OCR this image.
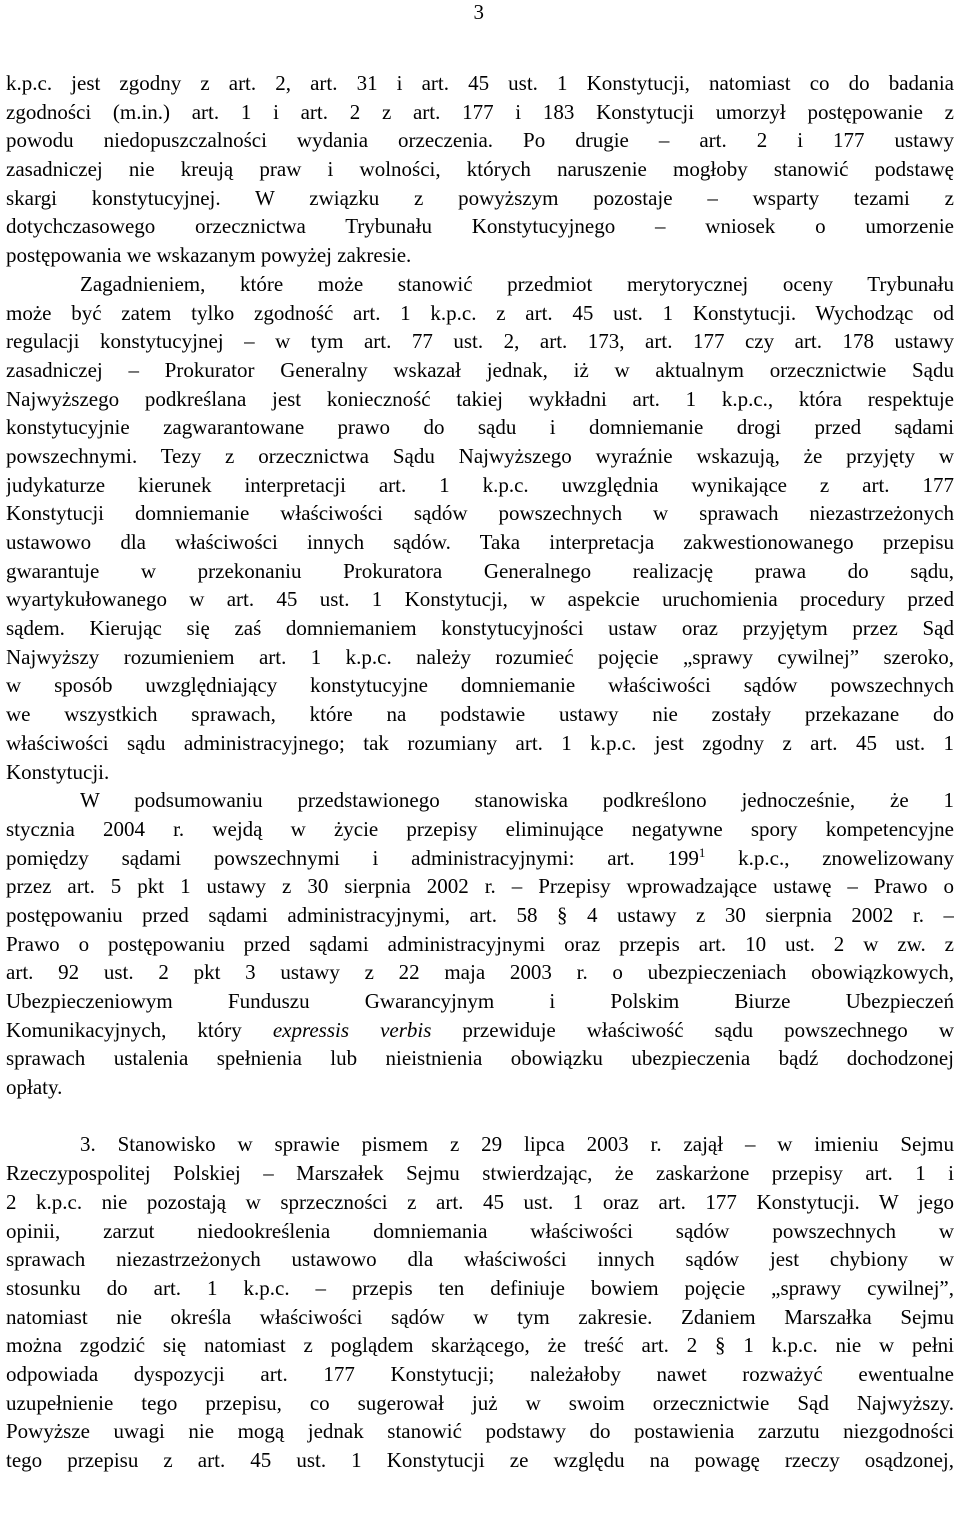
3
k.p.c. jest zgodny z art. 2, art. 31 i art. 45 ust. 1 Konstytucji, natomiast co do badania
zgodności (m.in.) art. 1 i art. 2 z art. 177 i 183 Konstytucji umorzył postępowanie z
powodu niedopuszczalności wydania orzeczenia. Po drugie – art. 2 i 177 ustawy
zasadniczej nie kreują praw i wolności, których naruszenie mogłoby stanowić podstawę
skargi konstytucyjnej. W związku z powyższym pozostaje – wsparty tezami z
dotychczasowego orzecznictwa Trybunału Konstytucyjnego – wniosek o umorzenie
postępowania we wskazanym powyżej zakresie.
Zagadnieniem, które może stanowić przedmiot merytorycznej oceny Trybunału
może być zatem tylko zgodność art. 1 k.p.c. z art. 45 ust. 1 Konstytucji. Wychodząc od
regulacji konstytucyjnej – w tym art. 77 ust. 2, art. 173, art. 177 czy art. 178 ustawy
zasadniczej – Prokurator Generalny wskazał jednak, iż w aktualnym orzecznictwie Sądu
Najwyższego podkreślana jest konieczność takiej wykładni art. 1 k.p.c., która respektuje
konstytucyjnie zagwarantowane prawo do sądu i domniemanie drogi przed sądami
powszechnymi. Tezy z orzecznictwa Sądu Najwyższego wyraźnie wskazują, że przyjęty w
judykaturze kierunek interpretacji art. 1 k.p.c. uwzględnia wynikające z art. 177
Konstytucji domniemanie właściwości sądów powszechnych w sprawach niezastrzeżonych
ustawowo dla właściwości innych sądów. Taka interpretacja zakwestionowanego przepisu
gwarantuje w przekonaniu Prokuratora Generalnego realizację prawa do sądu,
wyartykułowanego w art. 45 ust. 1 Konstytucji, w aspekcie uruchomienia procedury przed
sądem. Kierując się zaś domniemaniem konstytucyjności ustaw oraz przyjętym przez Sąd
Najwyższy rozumieniem art. 1 k.p.c. należy rozumieć pojęcie „sprawy cywilnej” szeroko,
w sposób uwzględniający konstytucyjne domniemanie właściwości sądów powszechnych
we wszystkich sprawach, które na podstawie ustawy nie zostały przekazane do
właściwości sądu administracyjnego; tak rozumiany art. 1 k.p.c. jest zgodny z art. 45 ust. 1
Konstytucji.
W podsumowaniu przedstawionego stanowiska podkreślono jednocześnie, że 1
stycznia 2004 r. wejdą w życie przepisy eliminujące negatywne spory kompetencyjne
pomiędzy sądami powszechnymi i administracyjnymi: art. $199^1$ k.p.c., znowelizowany
przez art. 5 pkt 1 ustawy z 30 sierpnia 2002 r. – Przepisy wprowadzające ustawę – Prawo o
postępowaniu przed sądami administracyjnymi, art. 58 § 4 ustawy z 30 sierpnia 2002 r. –
Prawo o postępowaniu przed sądami administracyjnymi oraz przepis art. 10 ust. 2 w zw. z
art. 92 ust. 2 pkt 3 ustawy z 22 maja 2003 r. o ubezpieczeniach obowiązkowych,
Ubezpieczeniowym Funduszu Gwarancyjnym i Polskim Biurze Ubezpieczeń
Komunikacyjnych, który expressis verbis przewiduje właściwość sądu powszechnego w
sprawach ustalenia spełnienia lub nieistnienia obowiązku ubezpieczenia bądź dochodzonej
opłaty.
3. Stanowisko w sprawie pismem z 29 lipca 2003 r. zajął – w imieniu Sejmu
Rzeczypospolitej Polskiej – Marszałek Sejmu stwierdzając, że zaskarżone przepisy art. 1 i
2 k.p.c. nie pozostają w sprzeczności z art. 45 ust. 1 oraz art. 177 Konstytucji. W jego
opinii, zarzut niedookreślenia domniemania właściwości sądów powszechnych w
sprawach niezastrzeżonych ustawowo dla właściwości innych sądów jest chybiony w
stosunku do art. 1 k.p.c. – przepis ten definiuje bowiem pojęcie „sprawy cywilnej”,
natomiast nie określa właściwości sądów w tym zakresie. Zdaniem Marszałka Sejmu
można zgodzić się natomiast z poglądem skarżącego, że treść art. 2 § 1 k.p.c. nie w pełni
odpowiada dyspozycji art. 177 Konstytucji; należałoby nawet rozważyć ewentualne
uzupełnienie tego przepisu, co sugerował już w swoim orzecznictwie Sąd Najwyższy.
Powyższe uwagi nie mogą jednak stanowić podstawy do postawienia zarzutu niezgodności
tego przepisu z art. 45 ust. 1 Konstytucji ze względu na powagę rzeczy osądzonej,
